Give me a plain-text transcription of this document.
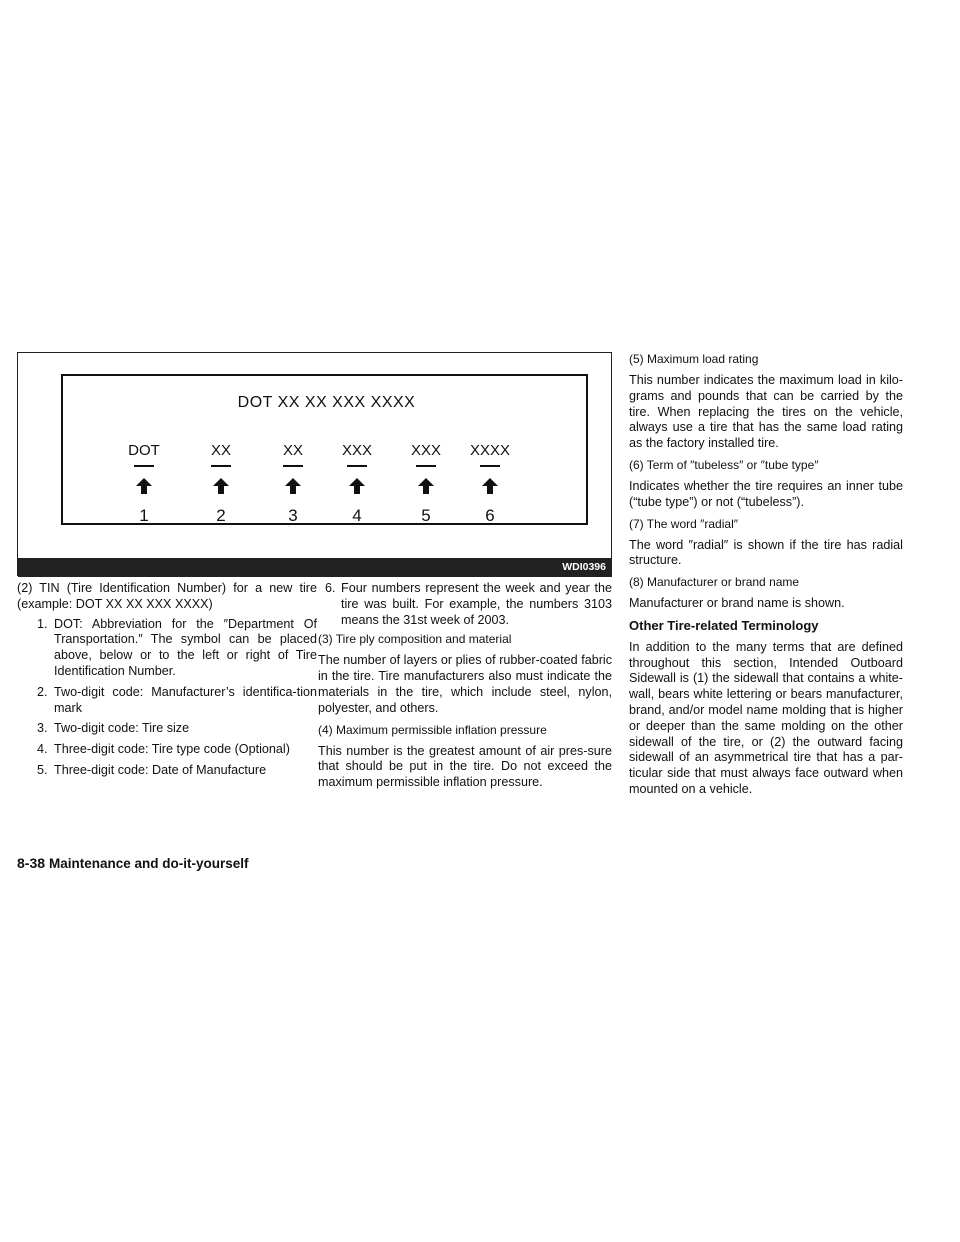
DOT XX XX XXX XXXX
DOT	XX	XX	XXX	XXX	XXXX
1	2	3	4	5	6
WDI0396

(2) TIN (Tire Identification Number) for a new tire (example: DOT XX XX XXX XXXX)

1. DOT: Abbreviation for the ″Department Of Transportation.″ The symbol can be placed above, below or to the left or right of Tire Identification Number.

2. Two-digit code: Manufacturer’s identifica-tion mark

3. Two-digit code: Tire size

4. Three-digit code: Tire type code (Optional)

5. Three-digit code: Date of Manufacture

6. Four numbers represent the week and year the tire was built. For example, the numbers 3103 means the 31st week of 2003.

(3) Tire ply composition and material

The number of layers or plies of rubber-coated fabric in the tire. Tire manufacturers also must indicate the materials in the tire, which include steel, nylon, polyester, and others.

(4) Maximum permissible inflation pressure

This number is the greatest amount of air pres-sure that should be put in the tire. Do not exceed the maximum permissible inflation pressure.

(5) Maximum load rating

This number indicates the maximum load in kilo-grams and pounds that can be carried by the tire. When replacing the tires on the vehicle, always use a tire that has the same load rating as the factory installed tire.

(6) Term of ″tubeless″ or ″tube type″

Indicates whether the tire requires an inner tube (“tube type”) or not (“tubeless”).

(7) The word ″radial″

The word ″radial″ is shown if the tire has radial structure.

(8) Manufacturer or brand name

Manufacturer or brand name is shown.

Other Tire-related Terminology

In addition to the many terms that are defined throughout this section, Intended Outboard Sidewall is (1) the sidewall that contains a white-wall, bears white lettering or bears manufacturer, brand, and/or model name molding that is higher or deeper than the same molding on the other sidewall of the tire, or (2) the outward facing sidewall of an asymmetrical tire that has a par-ticular side that must always face outward when mounted on a vehicle.

8-38 Maintenance and do-it-yourself
